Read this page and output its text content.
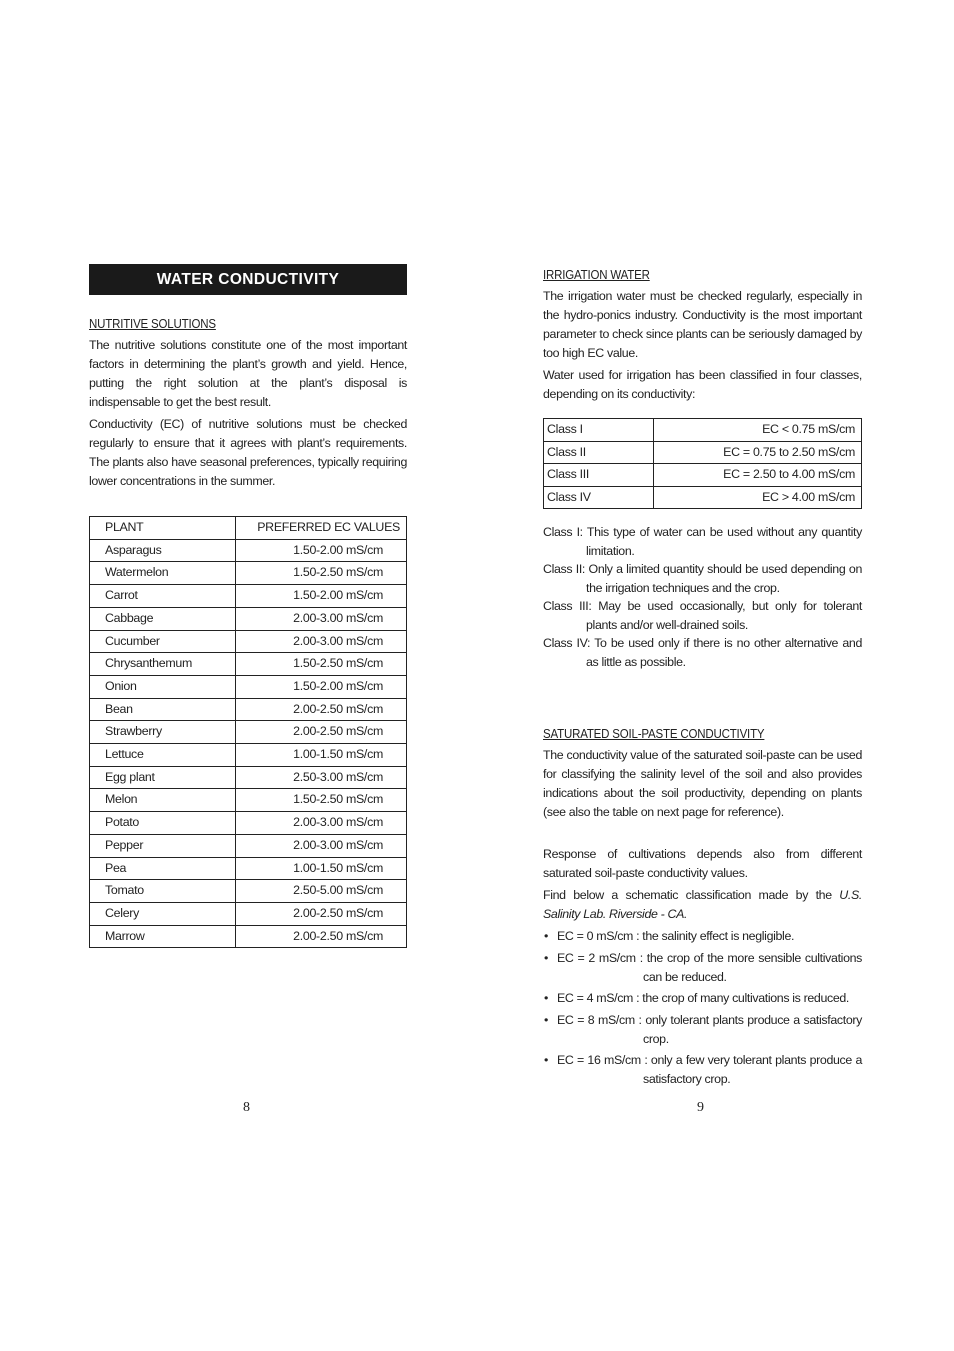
WATER CONDUCTIVITY
NUTRITIVE SOLUTIONS

The nutritive solutions constitute one of the most important factors in determining the plant’s growth and yield. Hence, putting the right solution at the plant’s disposal is indispensable to get the best result.

Conductivity (EC) of nutritive solutions must be checked regularly to ensure that it agrees with plant’s requirements. The plants also have seasonal preferences, typically requiring lower concentrations in the summer.

PLANT	PREFERRED EC VALUES
Asparagus	1.50-2.00 mS/cm
Watermelon	1.50-2.50 mS/cm
Carrot	1.50-2.00 mS/cm
Cabbage	2.00-3.00 mS/cm
Cucumber	2.00-3.00 mS/cm
Chrysanthemum	1.50-2.50 mS/cm
Onion	1.50-2.00 mS/cm
Bean	2.00-2.50 mS/cm
Strawberry	2.00-2.50 mS/cm
Lettuce	1.00-1.50 mS/cm
Egg plant	2.50-3.00 mS/cm
Melon	1.50-2.50 mS/cm
Potato	2.00-3.00 mS/cm
Pepper	2.00-3.00 mS/cm
Pea	1.00-1.50 mS/cm
Tomato	2.50-5.00 mS/cm
Celery	2.00-2.50 mS/cm
Marrow	2.00-2.50 mS/cm
8
IRRIGATION WATER

The irrigation water must be checked regularly, especially in the hydro-ponics industry. Conductivity is the most important parameter to check since plants can be seriously damaged by too high EC value.

Water used for irrigation has been classified in four classes, depending on its conductivity:

Class I	EC < 0.75 mS/cm
Class II	EC = 0.75 to 2.50 mS/cm
Class III	EC = 2.50 to 4.00 mS/cm
Class IV	EC > 4.00 mS/cm
Class I: This type of water can be used without any quantity limitation.
Class II: Only a limited quantity should be used depending on the irrigation techniques and the crop.
Class III: May be used occasionally, but only for tolerant plants and/or well-drained soils.
Class IV: To be used only if there is no other alternative and as little as possible.
SATURATED SOIL-PASTE CONDUCTIVITY

The conductivity value of the saturated soil-paste can be used for classifying the salinity level of the soil and also provides indications about the soil productivity, depending on plants (see also the table on next page for reference).

Response of cultivations depends also from different saturated soil-paste conductivity values.

Find below a schematic classification made by the U.S. Salinity Lab. Riverside - CA.

• EC = 0 mS/cm : the salinity effect is negligible.
• EC = 2 mS/cm : the crop of the more sensible cultivations can be reduced.
• EC = 4 mS/cm : the crop of many cultivations is reduced.
• EC = 8 mS/cm : only tolerant plants produce a satisfactory crop.
• EC = 16 mS/cm : only a few very tolerant plants produce a satisfactory crop.
9
